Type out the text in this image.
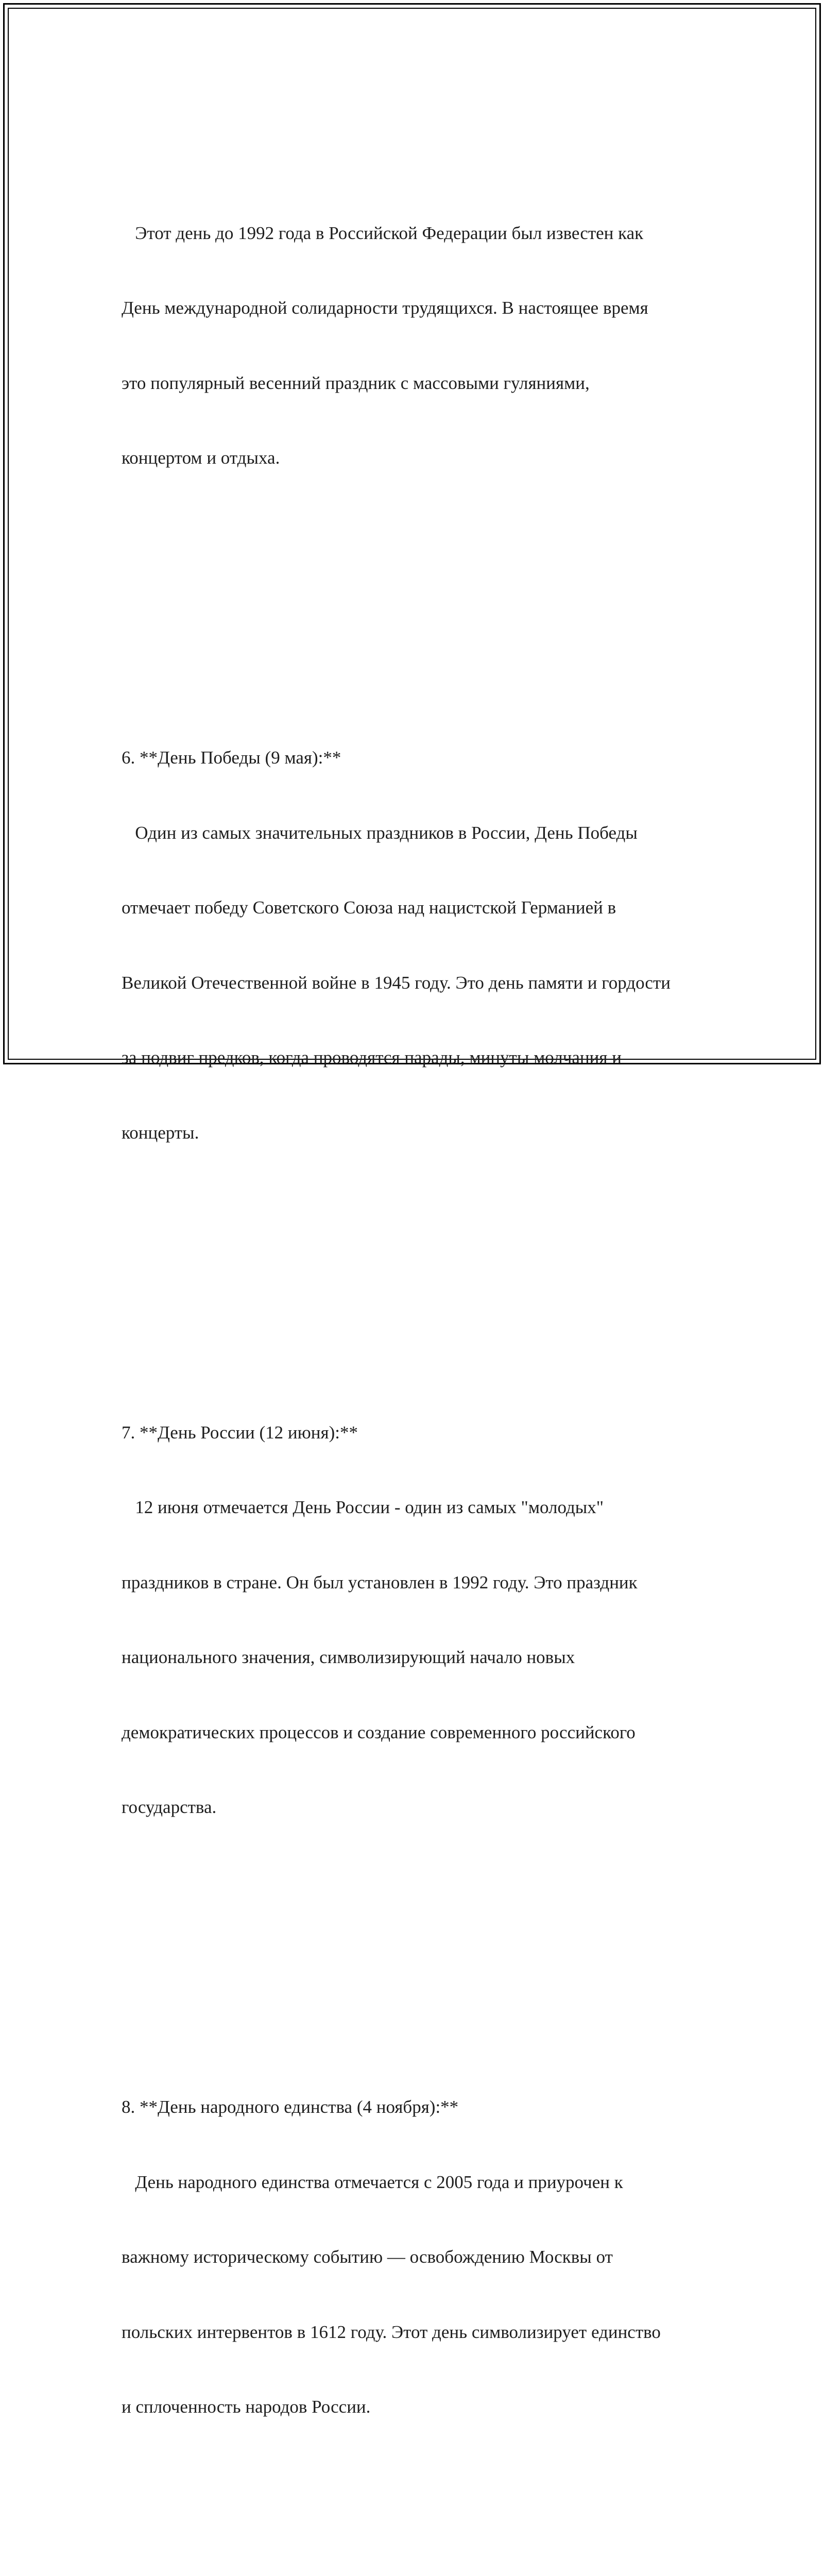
Этот день до 1992 года в Российской Федерации был известен как

День международной солидарности трудящихся. В настоящее время

это популярный весенний праздник с массовыми гуляниями,

концертом и отдыха.

6. **День Победы (9 мая):**

Один из самых значительных праздников в России, День Победы

отмечает победу Советского Союза над нацистской Германией в

Великой Отечественной войне в 1945 году. Это день памяти и гордости

за подвиг предков, когда проводятся парады, минуты молчания и

концерты.

7. **День России (12 июня):**

12 июня отмечается День России - один из самых "молодых"

праздников в стране. Он был установлен в 1992 году. Это праздник

национального значения, символизирующий начало новых

демократических процессов и создание современного российского

государства.

8. **День народного единства (4 ноября):**

День народного единства отмечается с 2005 года и приурочен к

важному историческому событию — освобождению Москвы от

польских интервентов в 1612 году. Этот день символизирует единство

и сплоченность народов России.
